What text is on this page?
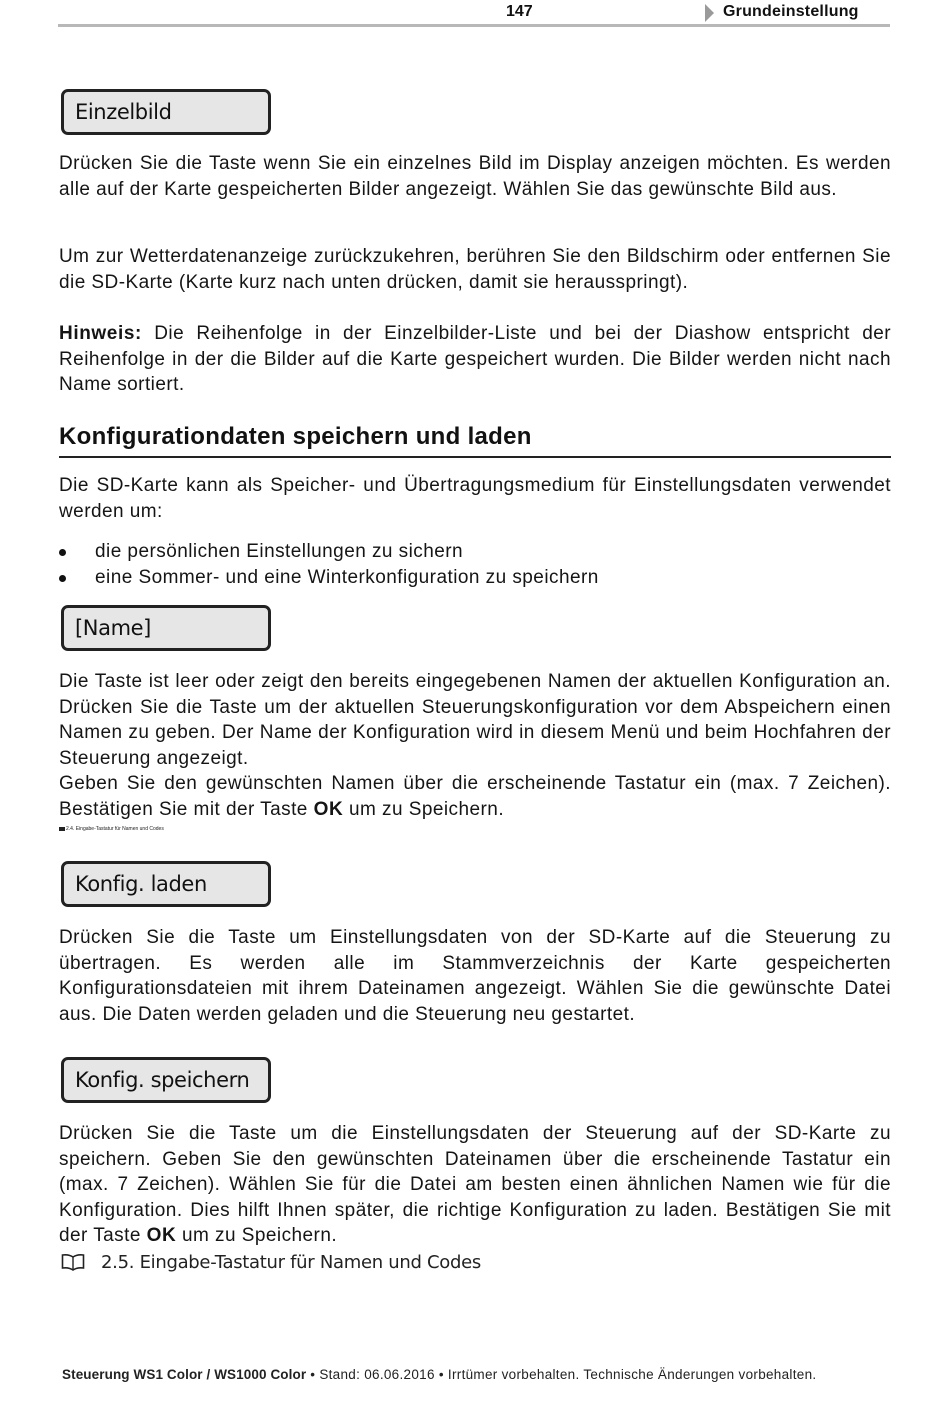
147	Grundeinstellung
Einzelbild

Drücken Sie die Taste wenn Sie ein einzelnes Bild im Display anzeigen möchten. Es werden alle auf der Karte gespeicherten Bilder angezeigt. Wählen Sie das gewünschte Bild aus.

Um zur Wetterdatenanzeige zurückzukehren, berühren Sie den Bildschirm oder entfernen Sie die SD-Karte (Karte kurz nach unten drücken, damit sie herausspringt).

Hinweis: Die Reihenfolge in der Einzelbilder-Liste und bei der Diashow entspricht der Reihenfolge in der die Bilder auf die Karte gespeichert wurden. Die Bilder werden nicht nach Name sortiert.

Konfigurationdaten speichern und laden

Die SD-Karte kann als Speicher- und Übertragungsmedium für Einstellungsdaten verwendet werden um:

die persönlichen Einstellungen zu sichern
eine Sommer- und eine Winterkonfiguration zu speichern
[Name]

Die Taste ist leer oder zeigt den bereits eingegebenen Namen der aktuellen Konfiguration an. Drücken Sie die Taste um der aktuellen Steuerungskonfiguration vor dem Abspeichern einen Namen zu geben. Der Name der Konfiguration wird in diesem Menü und beim Hochfahren der Steuerung angezeigt.

Geben Sie den gewünschten Namen über die erscheinende Tastatur ein (max. 7 Zeichen). Bestätigen Sie mit der Taste OK um zu Speichern.

2.4. Eingabe-Tastatur für Namen und Codes
Konfig. laden

Drücken Sie die Taste um Einstellungsdaten von der SD-Karte auf die Steuerung zu übertragen. Es werden alle im Stammverzeichnis der Karte gespeicherten Konfigurationsdateien mit ihrem Dateinamen angezeigt. Wählen Sie die gewünschte Datei aus. Die Daten werden geladen und die Steuerung neu gestartet.

Konfig. speichern

Drücken Sie die Taste um die Einstellungsdaten der Steuerung auf der SD-Karte zu speichern. Geben Sie den gewünschten Dateinamen über die erscheinende Tastatur ein (max. 7 Zeichen). Wählen Sie für die Datei am besten einen ähnlichen Namen wie für die Konfiguration. Dies hilft Ihnen später, die richtige Konfiguration zu laden. Bestätigen Sie mit der Taste OK um zu Speichern.

2.5. Eingabe-Tastatur für Namen und Codes
Steuerung WS1 Color / WS1000 Color • Stand: 06.06.2016 • Irrtümer vorbehalten. Technische Änderungen vorbehalten.
